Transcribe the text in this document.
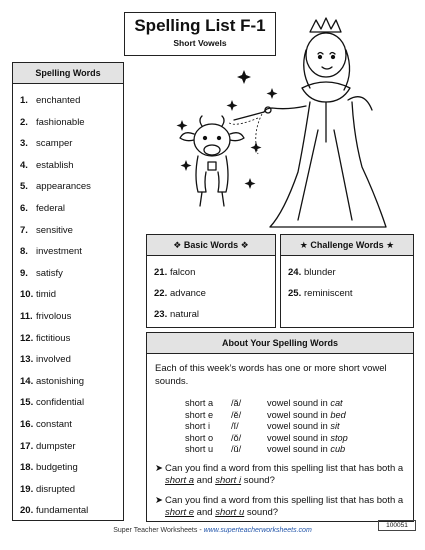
Spelling List F-1
Short Vowels
Spelling Words
1. enchanted
2. fashionable
3. scamper
4. establish
5. appearances
6. federal
7. sensitive
8. investment
9. satisfy
10. timid
11. frivolous
12. fictitious
13. involved
14. astonishing
15. confidential
16. constant
17. dumpster
18. budgeting
19. disrupted
20. fundamental
❖ Basic Words ❖
21. falcon
22. advance
23. natural
★ Challenge Words ★
24. blunder
25. reminiscent
About Your Spelling Words

Each of this week’s words has one or more short vowel sounds.

short a /ă/	vowel sound in cat
short e /ĕ/	vowel sound in bed
short i /ĭ/	vowel sound in sit
short o /ŏ/	vowel sound in stop
short u /ŭ/	vowel sound in cub
➤ Can you find a word from this spelling list that has both a short a and short i sound?
➤ Can you find a word from this spelling list that has both a short e and short u sound?
Super Teacher Worksheets - www.superteacherworksheets.com
100051
